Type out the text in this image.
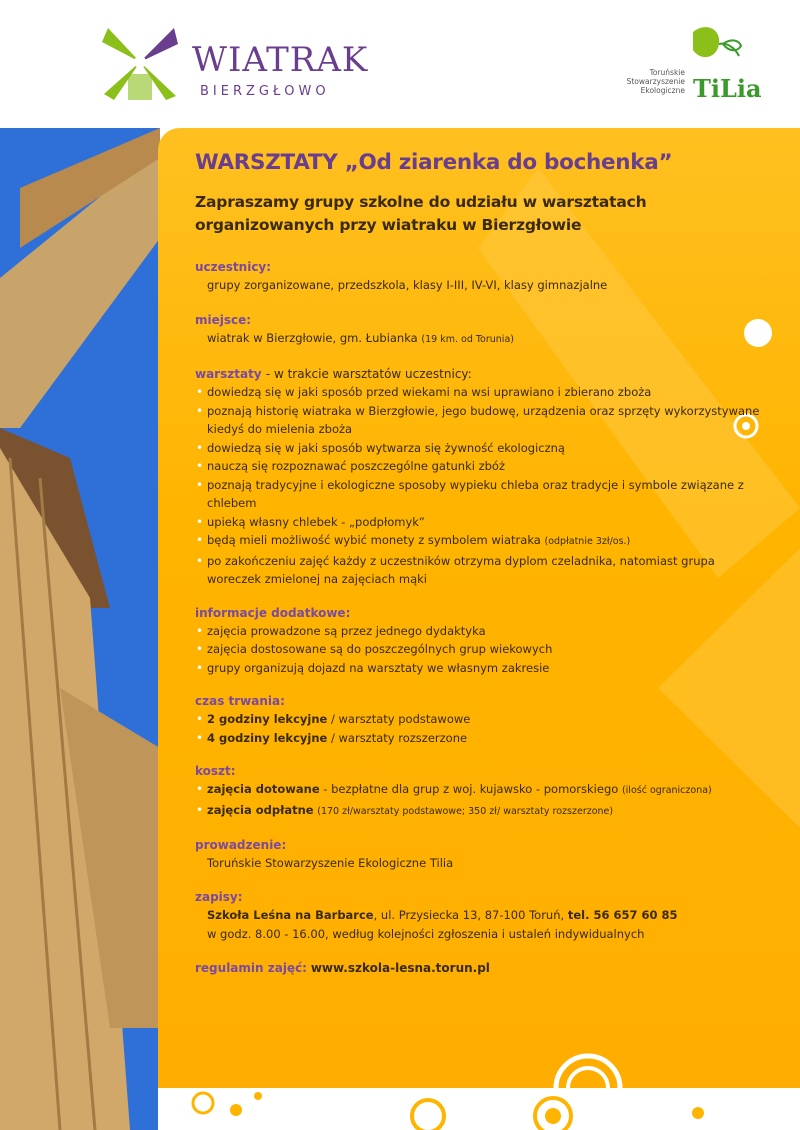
WIATRAK
BIERZGŁOWO
Toruńskie Stowarzyszenie Ekologiczne TiLia
WARSZTATY „Od ziarenka do bochenka”
Zapraszamy grupy szkolne do udziału w warsztatach organizowanych przy wiatraku w Bierzgłowie
uczestnicy:
grupy zorganizowane, przedszkola, klasy I-III, IV-VI, klasy gimnazjalne
miejsce:
wiatrak w Bierzgłowie, gm. Łubianka (19 km. od Torunia)
warsztaty - w trakcie warsztatów uczestnicy:
• dowiedzą się w jaki sposób przed wiekami na wsi uprawiano i zbierano zboża
• poznają historię wiatraka w Bierzgłowie, jego budowę, urządzenia oraz sprzęty wykorzystywane kiedyś do mielenia zboża
• dowiedzą się w jaki sposób wytwarza się żywność ekologiczną
• nauczą się rozpoznawać poszczególne gatunki zbóż
• poznają tradycyjne i ekologiczne sposoby wypieku chleba oraz tradycje i symbole związane z chlebem
• upieką własny chlebek - „podpłomyk”
• będą mieli możliwość wybić monety z symbolem wiatraka (odpłatnie 3zł/os.)
• po zakończeniu zajęć każdy z uczestników otrzyma dyplom czeladnika, natomiast grupa woreczek zmielonej na zajęciach mąki
informacje dodatkowe:
• zajęcia prowadzone są przez jednego dydaktyka
• zajęcia dostosowane są do poszczególnych grup wiekowych
• grupy organizują dojazd na warsztaty we własnym zakresie
czas trwania:
• 2 godziny lekcyjne / warsztaty podstawowe
• 4 godziny lekcyjne / warsztaty rozszerzone
koszt:
• zajęcia dotowane - bezpłatne dla grup z woj. kujawsko - pomorskiego (ilość ograniczona)
• zajęcia odpłatne (170 zł/warsztaty podstawowe; 350 zł/ warsztaty rozszerzone)
prowadzenie:
Toruńskie Stowarzyszenie Ekologiczne Tilia
zapisy:
Szkoła Leśna na Barbarce, ul. Przysiecka 13, 87-100 Toruń, tel. 56 657 60 85
w godz. 8.00 - 16.00, według kolejności zgłoszenia i ustaleń indywidualnych
regulamin zajęć: www.szkola-lesna.torun.pl
